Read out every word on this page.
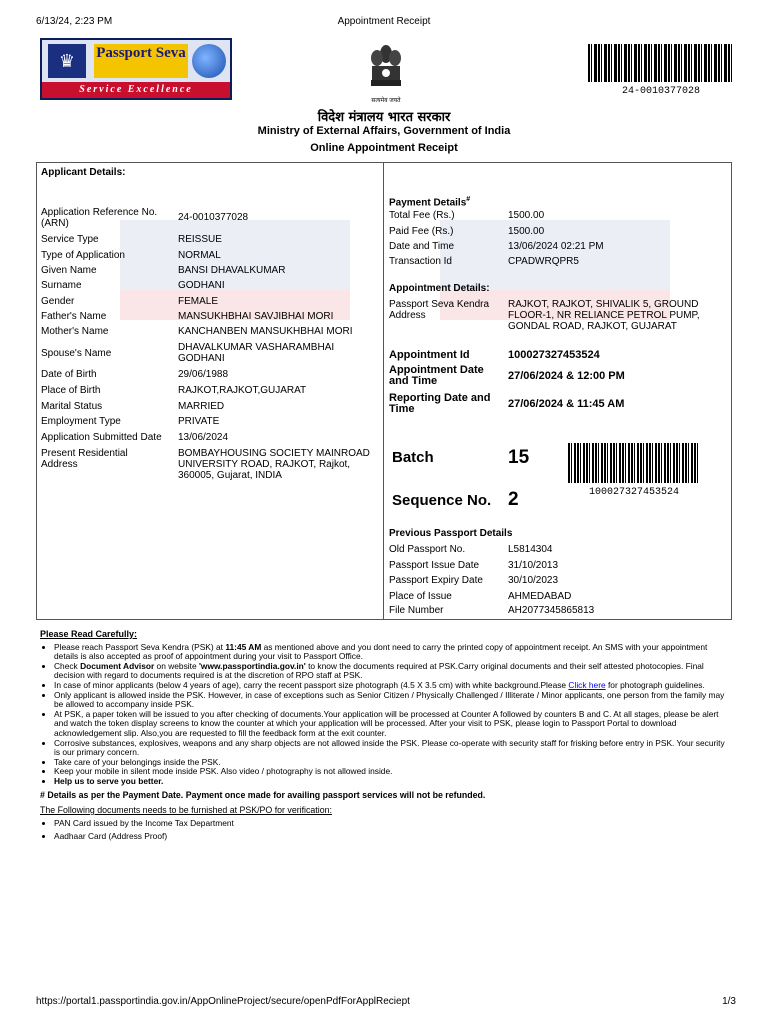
6/13/24, 2:23 PM	Appointment Receipt
♛	Passport Seva
Service Excellence
सत्यमेव जयते
24-0010377028
विदेश मंत्रालय भारत सरकार
Ministry of External Affairs, Government of India
Online Appointment Receipt
Applicant Details:
Application Reference No. (ARN)
24-0010377028
Service Type	REISSUE
Type of Application	NORMAL
Given Name	BANSI DHAVALKUMAR
Surname	GODHANI
Gender	FEMALE
Father's Name	MANSUKHBHAI SAVJIBHAI MORI
Mother's Name	KANCHANBEN MANSUKHBHAI MORI
Spouse's Name
DHAVALKUMAR VASHARAMBHAI GODHANI
Date of Birth	29/06/1988
Place of Birth	RAJKOT,RAJKOT,GUJARAT
Marital Status	MARRIED
Employment Type	PRIVATE
Application Submitted Date 13/06/2024
Present Residential Address
BOMBAYHOUSING SOCIETY MAINROAD UNIVERSITY ROAD, RAJKOT, Rajkot, 360005, Gujarat, INDIA
Payment Details#
Total Fee (Rs.)	1500.00
Paid Fee (Rs.)	1500.00
Date and Time	13/06/2024 02:21 PM
Transaction Id	CPADWRQPR5
Appointment Details:
Passport Seva Kendra Address
RAJKOT, RAJKOT, SHIVALIK 5, GROUND FLOOR-1, NR RELIANCE PETROL PUMP, GONDAL ROAD, RAJKOT, GUJARAT
Appointment Id	100027327453524
Appointment Date and Time	27/06/2024 & 12:00 PM
Reporting Date and Time	27/06/2024 & 11:45 AM
Batch	15
Sequence No. 2	100027327453524
Previous Passport Details
Old Passport No.	L5814304
Passport Issue Date	31/10/2013
Passport Expiry Date	30/10/2023
Place of Issue	AHMEDABAD
File Number	AH2077345865813
Please Read Carefully:
• Please reach Passport Seva Kendra (PSK) at 11:45 AM as mentioned above and you dont need to carry the printed copy of appointment receipt. An SMS with your appointment details is also accepted as proof of appointment during your visit to Passport Office.
• Check Document Advisor on website 'www.passportindia.gov.in' to know the documents required at PSK.Carry original documents and their self attested photocopies. Final decision with regard to documents required is at the discretion of RPO staff at PSK.
• In case of minor applicants (below 4 years of age), carry the recent passport size photograph (4.5 X 3.5 cm) with white background.Please Click here for photograph guidelines.
• Only applicant is allowed inside the PSK. However, in case of exceptions such as Senior Citizen / Physically Challenged / Illiterate / Minor applicants, one person from the family may be allowed to accompany inside PSK.
• At PSK, a paper token will be issued to you after checking of documents.Your application will be processed at Counter A followed by counters B and C. At all stages, please be alert and watch the token display screens to know the counter at which your application will be processed. After your visit to PSK, please login to Passport Portal to download acknowledgement slip. Also,you are requested to fill the feedback form at the exit counter.
• Corrosive substances, explosives, weapons and any sharp objects are not allowed inside the PSK. Please co-operate with security staff for frisking before entry in PSK. Your security is our primary concern.
• Take care of your belongings inside the PSK.
• Keep your mobile in silent mode inside PSK. Also video / photography is not allowed inside.
• Help us to serve you better.
# Details as per the Payment Date. Payment once made for availing passport services will not be refunded.
The Following documents needs to be furnished at PSK/PO for verification:
• PAN Card issued by the Income Tax Department
• Aadhaar Card (Address Proof)
https://portal1.passportindia.gov.in/AppOnlineProject/secure/openPdfForApplReciept	1/3
